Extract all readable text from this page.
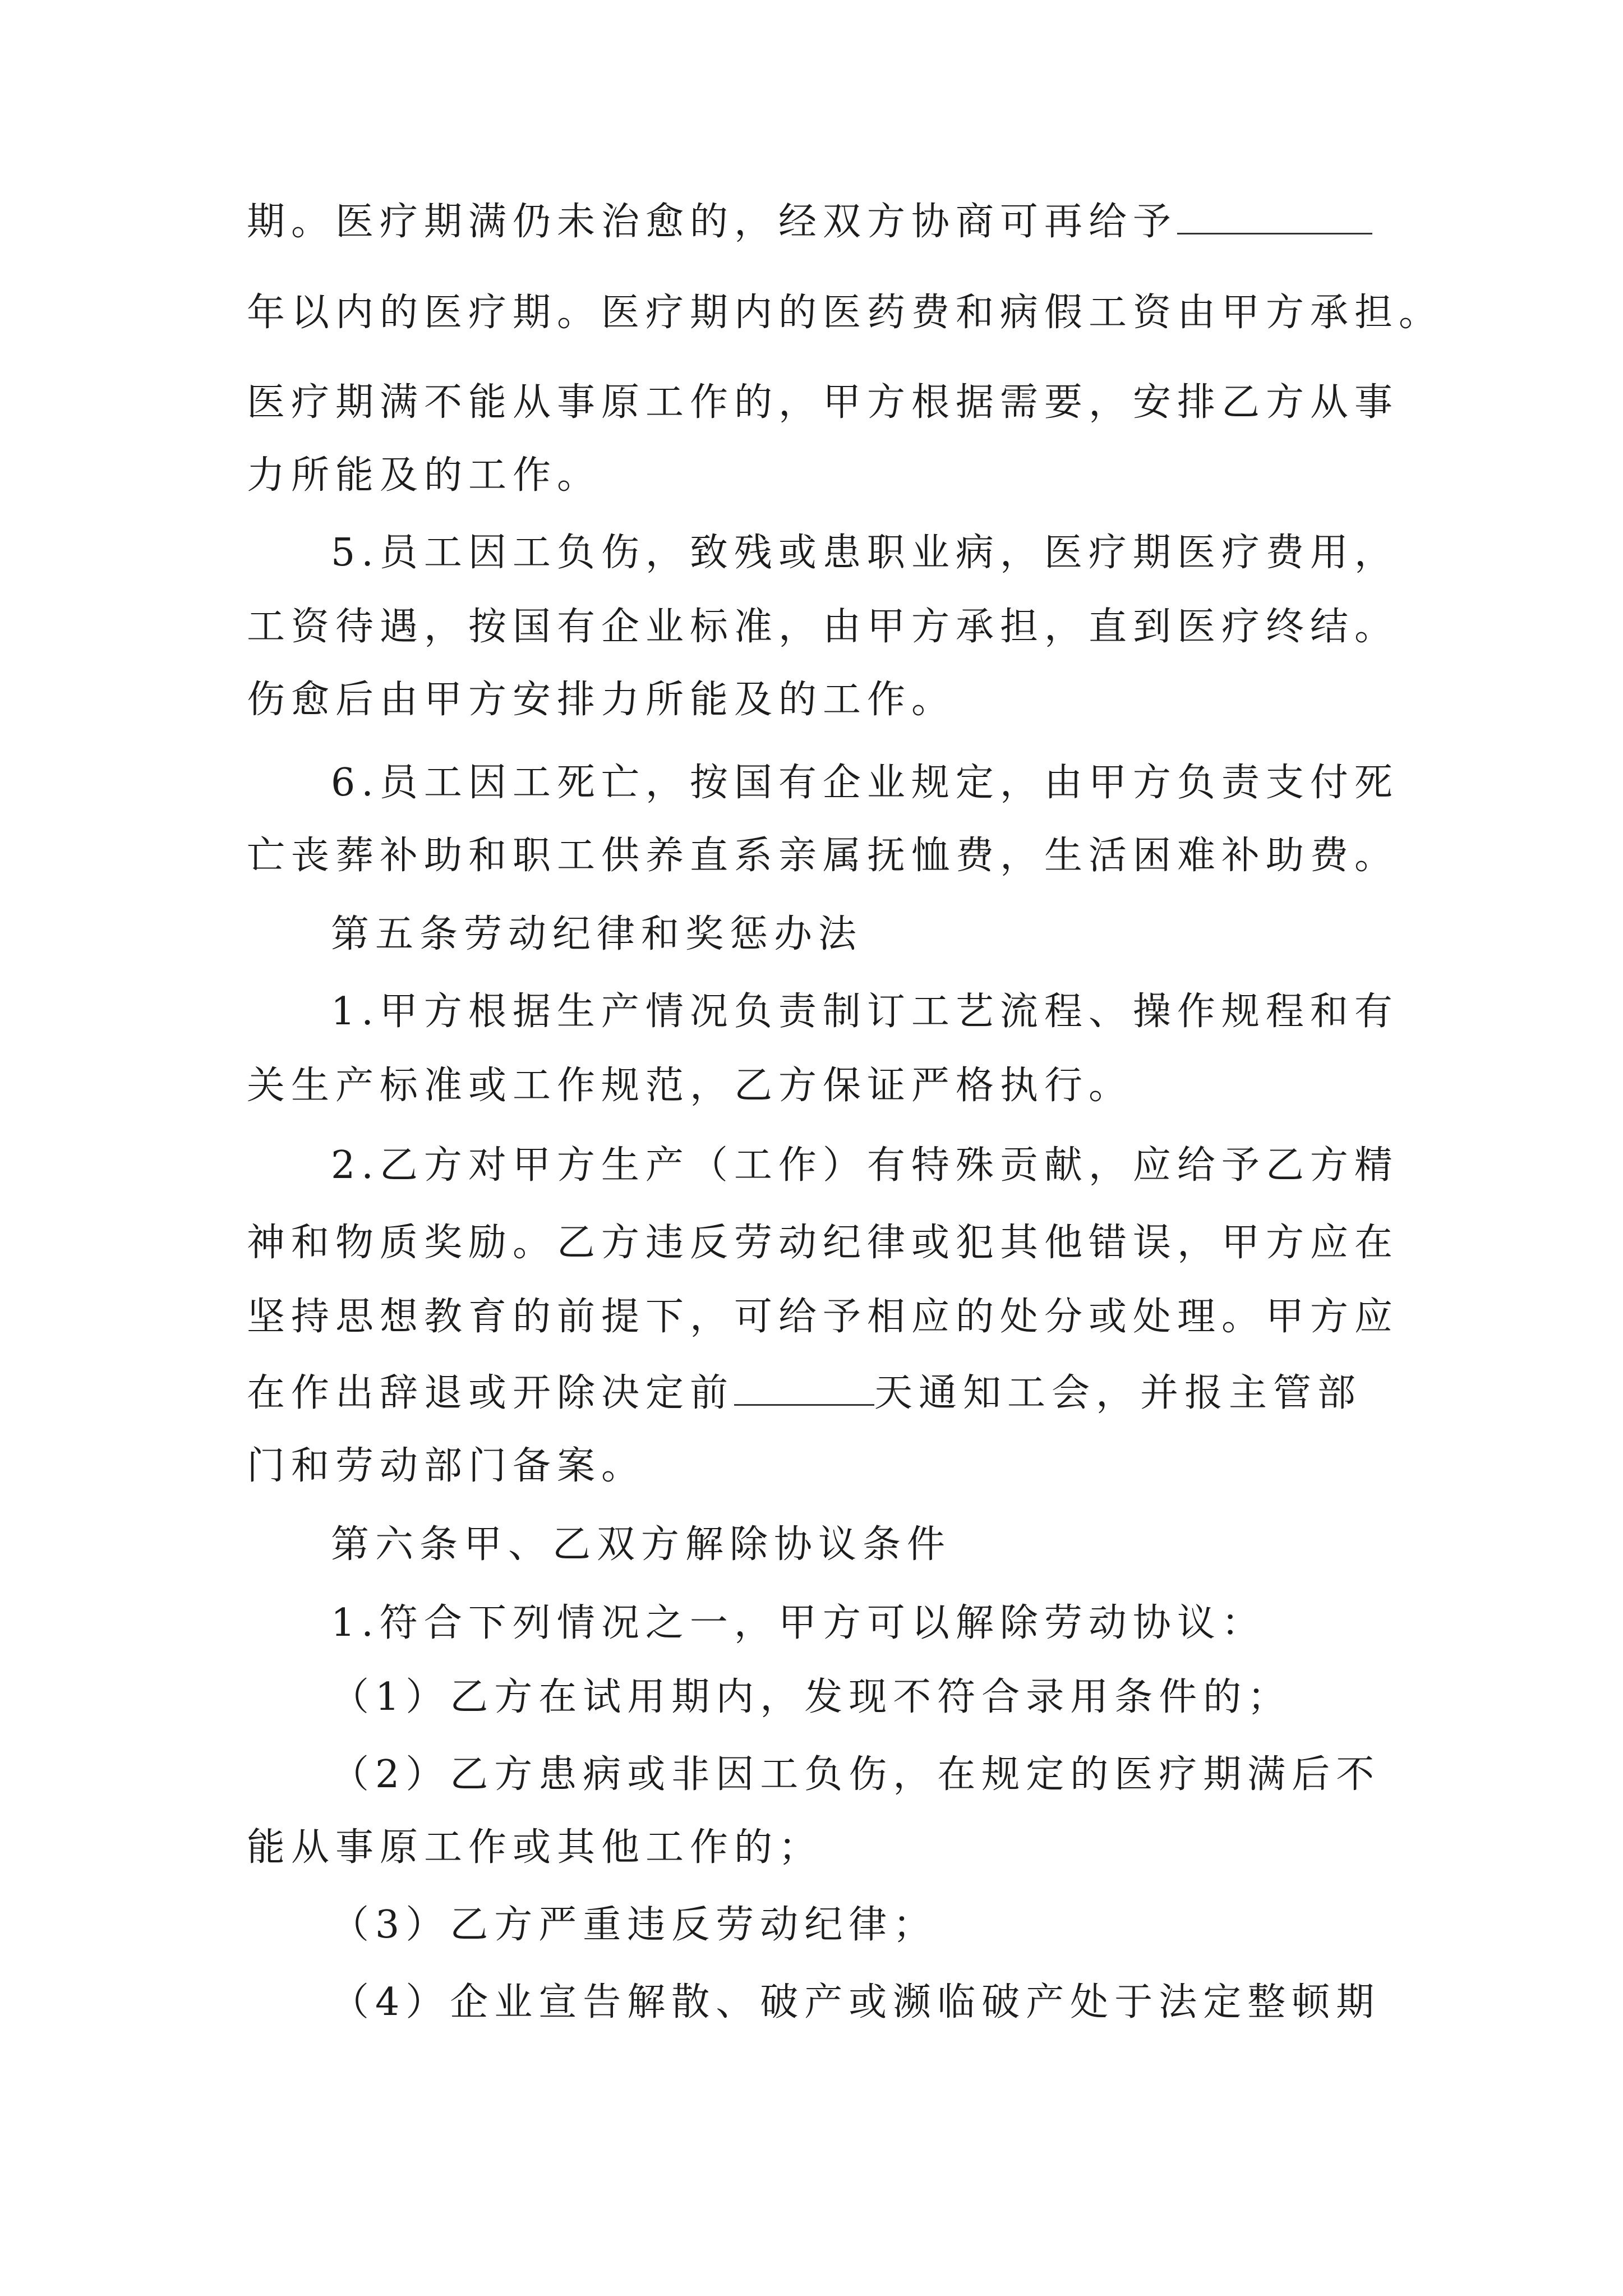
期。医疗期满仍未治愈的，经双方协商可再给予
年以内的医疗期。医疗期内的医药费和病假工资由甲方承担。
医疗期满不能从事原工作的，甲方根据需要，安排乙方从事
力所能及的工作。
5.员工因工负伤，致残或患职业病，医疗期医疗费用，
工资待遇，按国有企业标准，由甲方承担，直到医疗终结。
伤愈后由甲方安排力所能及的工作。
6.员工因工死亡，按国有企业规定，由甲方负责支付死
亡丧葬补助和职工供养直系亲属抚恤费，生活困难补助费。
第五条劳动纪律和奖惩办法
1.甲方根据生产情况负责制订工艺流程、操作规程和有
关生产标准或工作规范，乙方保证严格执行。
2.乙方对甲方生产（工作）有特殊贡献，应给予乙方精
神和物质奖励。乙方违反劳动纪律或犯其他错误，甲方应在
坚持思想教育的前提下，可给予相应的处分或处理。甲方应
在作出辞退或开除决定前	天通知工会，并报主管部
门和劳动部门备案。
第六条甲、乙双方解除协议条件
1.符合下列情况之一，甲方可以解除劳动协议：
（1）乙方在试用期内，发现不符合录用条件的；
（2）乙方患病或非因工负伤，在规定的医疗期满后不
能从事原工作或其他工作的；
（3）乙方严重违反劳动纪律；
（4）企业宣告解散、破产或濒临破产处于法定整顿期
